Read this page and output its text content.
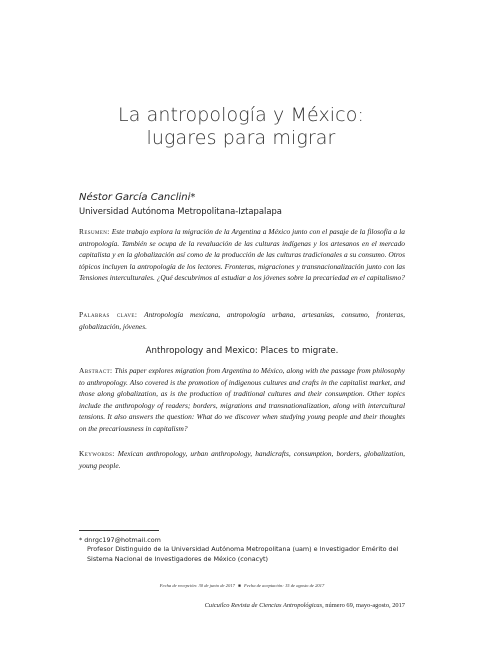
La antropología y México:
lugares para migrar
Néstor García Canclini*
Universidad Autónoma Metropolitana-Iztapalapa
Resumen: Este trabajo explora la migración de la Argentina a México junto con el pasaje de la filosofía a la antropología. También se ocupa de la revaluación de las culturas indígenas y los artesanos en el mercado capitalista y en la globalización así como de la producción de las culturas tradicionales a su consumo. Otros tópicos incluyen la antropología de los lectores. Fronteras, migraciones y transnacionalización junto con las Tensiones interculturales. ¿Qué descubrimos al estudiar a los jóvenes sobre la precariedad en el capitalismo?
Palabras clave: Antropología mexicana, antropología urbana, artesanías, consumo, fronteras, globalización, jóvenes.
Anthropology and Mexico: Places to migrate.
Abstract: This paper explores migration from Argentina to México, along with the passage from philosophy to anthropology. Also covered is the promotion of indigenous cultures and crafts in the capitalist market, and those along globalization, as is the production of traditional cultures and their consumption. Other topics include the anthropology of readers; borders, migrations and transnationalization, along with intercultural tensions. It also answers the question: What do we discover when studying young people and their thoughts on the precariousness in capitalism?
Keywords: Mexican anthropology, urban anthropology, handicrafts, consumption, borders, globalization, young people.
* dnrgc197@hotmail.com
Profesor Distinguido de la Universidad Autónoma Metropolitana (uam) e Investigador Emérito del Sistema Nacional de Investigadores de México (conacyt)
Fecha de recepción: 30 de junio de 2017 ■ Fecha de aceptación: 15 de agosto de 2017
Cuicuilco Revista de Ciencias Antropológicas, número 69, mayo-agosto, 2017
